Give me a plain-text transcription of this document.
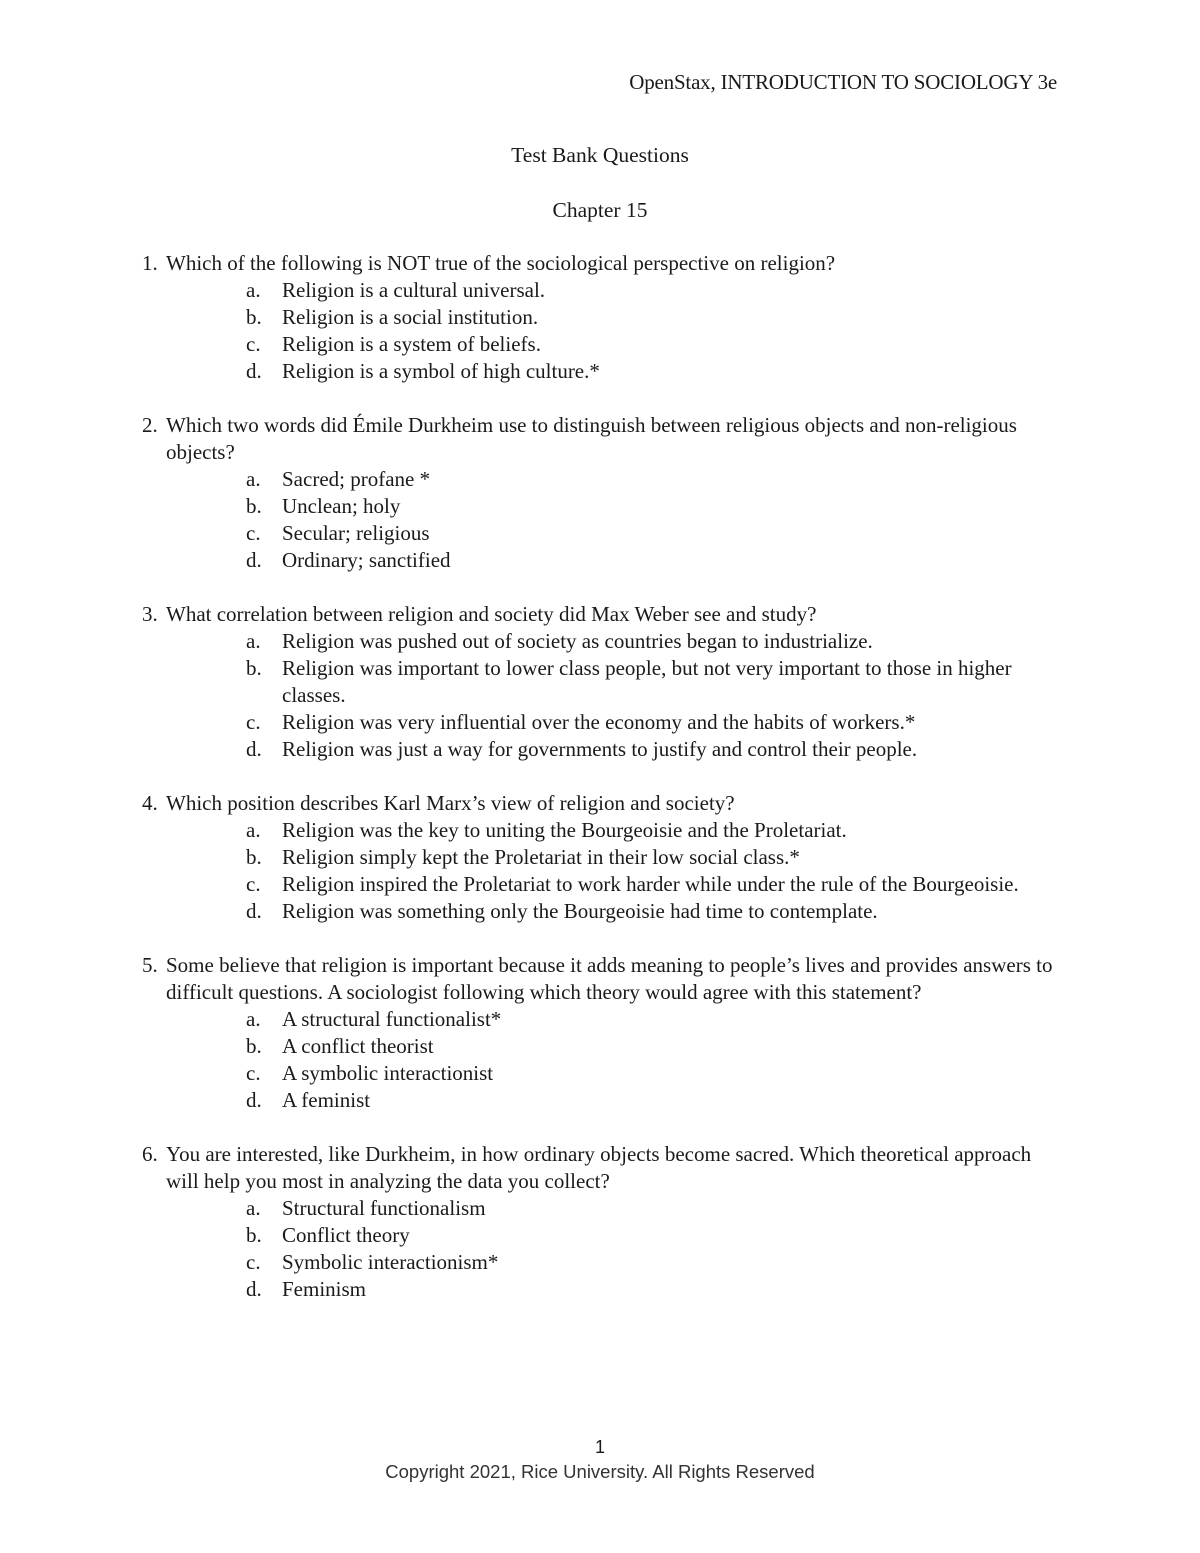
OpenStax, INTRODUCTION TO SOCIOLOGY 3e
Test Bank Questions
Chapter 15
1. Which of the following is NOT true of the sociological perspective on religion?
a.	Religion is a cultural universal.
b. Religion is a social institution.
c.	Religion is a system of beliefs.
d. Religion is a symbol of high culture.*
2. Which two words did Émile Durkheim use to distinguish between religious objects and non-religious objects?
a.	Sacred; profane *
b. Unclean; holy
c.	Secular; religious
d. Ordinary; sanctified
3. What correlation between religion and society did Max Weber see and study?
a.	Religion was pushed out of society as countries began to industrialize.
b. Religion was important to lower class people, but not very important to those in higher classes.
c.	Religion was very influential over the economy and the habits of workers.*
d. Religion was just a way for governments to justify and control their people.
4. Which position describes Karl Marx’s view of religion and society?
a.	Religion was the key to uniting the Bourgeoisie and the Proletariat.
b. Religion simply kept the Proletariat in their low social class.*
c.	Religion inspired the Proletariat to work harder while under the rule of the Bourgeoisie.
d. Religion was something only the Bourgeoisie had time to contemplate.
5. Some believe that religion is important because it adds meaning to people’s lives and provides answers to difficult questions. A sociologist following which theory would agree with this statement?
a.	A structural functionalist*
b. A conflict theorist
c.	A symbolic interactionist
d. A feminist
6. You are interested, like Durkheim, in how ordinary objects become sacred. Which theoretical approach will help you most in analyzing the data you collect?
a.	Structural functionalism
b. Conflict theory
c.	Symbolic interactionism*
d. Feminism
1
Copyright 2021, Rice University. All Rights Reserved
